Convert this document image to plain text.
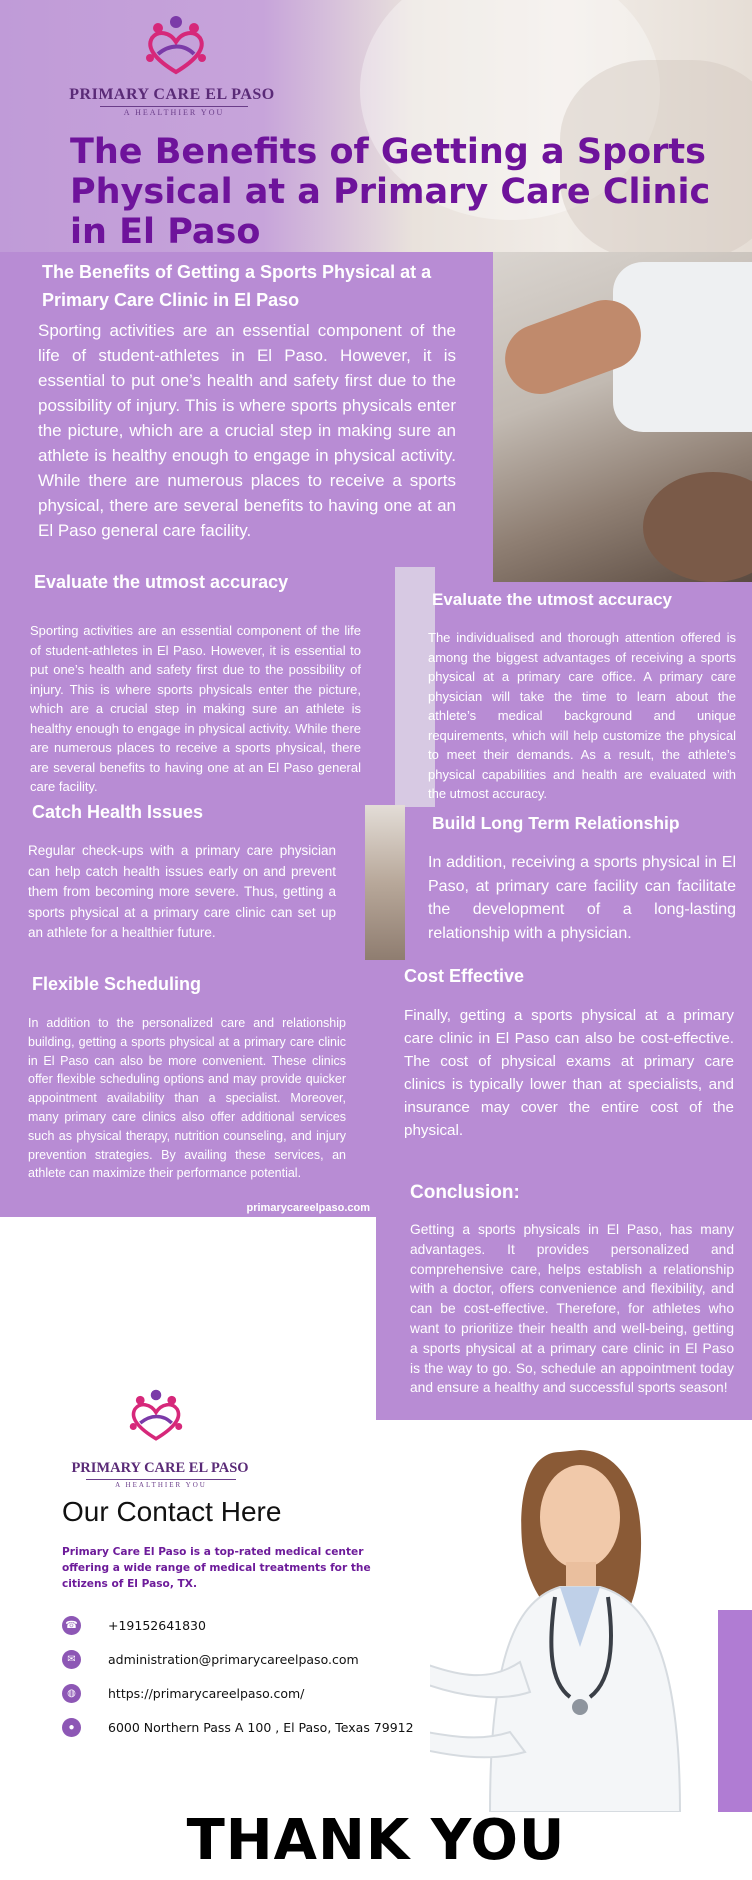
PRIMARY CARE EL PASO
A HEALTHIER YOU
The Benefits of Getting a Sports Physical at a Primary Care Clinic in El Paso
The Benefits of Getting a Sports Physical at a Primary Care Clinic in El Paso
Sporting activities are an essential component of the life of student-athletes in El Paso. However, it is essential to put one’s health and safety first due to the possibility of injury. This is where sports physicals enter the picture, which are a crucial step in making sure an athlete is healthy enough to engage in physical activity. While there are numerous places to receive a sports physical, there are several benefits to having one at an El Paso general care facility.
Evaluate the utmost accuracy
Sporting activities are an essential component of the life of student-athletes in El Paso. However, it is essential to put one’s health and safety first due to the possibility of injury. This is where sports physicals enter the picture, which are a crucial step in making sure an athlete is healthy enough to engage in physical activity. While there are numerous places to receive a sports physical, there are several benefits to having one at an El Paso general care facility.
Evaluate the utmost accuracy
The individualised and thorough attention offered is among the biggest advantages of receiving a sports physical at a primary care office. A primary care physician will take the time to learn about the athlete’s medical background and unique requirements, which will help customize the physical to meet their demands. As a result, the athlete’s physical capabilities and health are evaluated with the utmost accuracy.
Catch Health Issues
Regular check-ups with a primary care physician can help catch health issues early on and prevent them from becoming more severe. Thus, getting a sports physical at a primary care clinic can set up an athlete for a healthier future.
Build Long Term Relationship
In addition, receiving a sports physical in El Paso, at primary care facility can facilitate the development of a long-lasting relationship with a physician.
Flexible Scheduling
In addition to the personalized care and relationship building, getting a sports physical at a primary care clinic in El Paso can also be more convenient. These clinics offer flexible scheduling options and may provide quicker appointment availability than a specialist. Moreover, many primary care clinics also offer additional services such as physical therapy, nutrition counseling, and injury prevention strategies. By availing these services, an athlete can maximize their performance potential.
Cost Effective
Finally, getting a sports physical at a primary care clinic in El Paso can also be cost-effective. The cost of physical exams at primary care clinics is typically lower than at specialists, and insurance may cover the entire cost of the physical.
primarycareelpaso.com
Conclusion:
Getting a sports physicals in El Paso, has many advantages. It provides personalized and comprehensive care, helps establish a relationship with a doctor, offers convenience and flexibility, and can be cost-effective. Therefore, for athletes who want to prioritize their health and well-being, getting a sports physical at a primary care clinic in El Paso is the way to go. So, schedule an appointment today and ensure a healthy and successful sports season!
PRIMARY CARE EL PASO
A HEALTHIER YOU
Our Contact Here
Primary Care El Paso is a top-rated medical center offering a wide range of medical treatments for the citizens of El Paso, TX.
☎ +19152641830
✉	administration@primarycareelpaso.com
◍	https://primarycareelpaso.com/
●	6000 Northern Pass A 100 , El Paso, Texas 79912
THANK YOU
